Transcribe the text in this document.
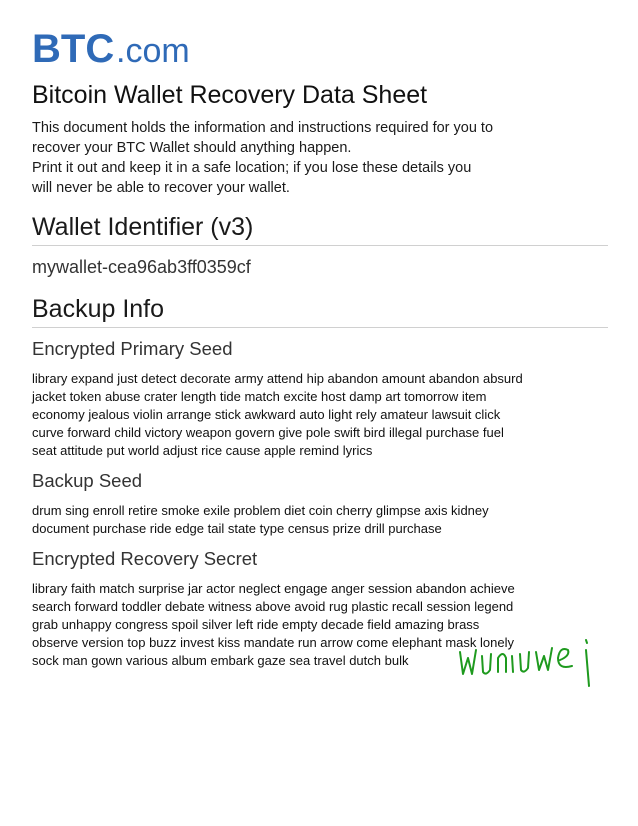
BTC .com
Bitcoin Wallet Recovery Data Sheet

This document holds the information and instructions required for you to

recover your BTC Wallet should anything happen.

Print it out and keep it in a safe location; if you lose these details you

will never be able to recover your wallet.

Wallet Identifier (v3)
mywallet-cea96ab3ff0359cf
Backup Info
Encrypted Primary Seed
library expand just detect decorate army attend hip abandon amount abandon absurd
jacket token abuse crater length tide match excite host damp art tomorrow item
economy jealous violin arrange stick awkward auto light rely amateur lawsuit click
curve forward child victory weapon govern give pole swift bird illegal purchase fuel
seat attitude put world adjust rice cause apple remind lyrics
Backup Seed
drum sing enroll retire smoke exile problem diet coin cherry glimpse axis kidney
document purchase ride edge tail state type census prize drill purchase
Encrypted Recovery Secret
library faith match surprise jar actor neglect engage anger session abandon achieve
search forward toddler debate witness above avoid rug plastic recall session legend
grab unhappy congress spoil silver left ride empty decade field amazing brass
observe version top buzz invest kiss mandate run arrow come elephant mask lonely
sock man gown various album embark gaze sea travel dutch bulk
